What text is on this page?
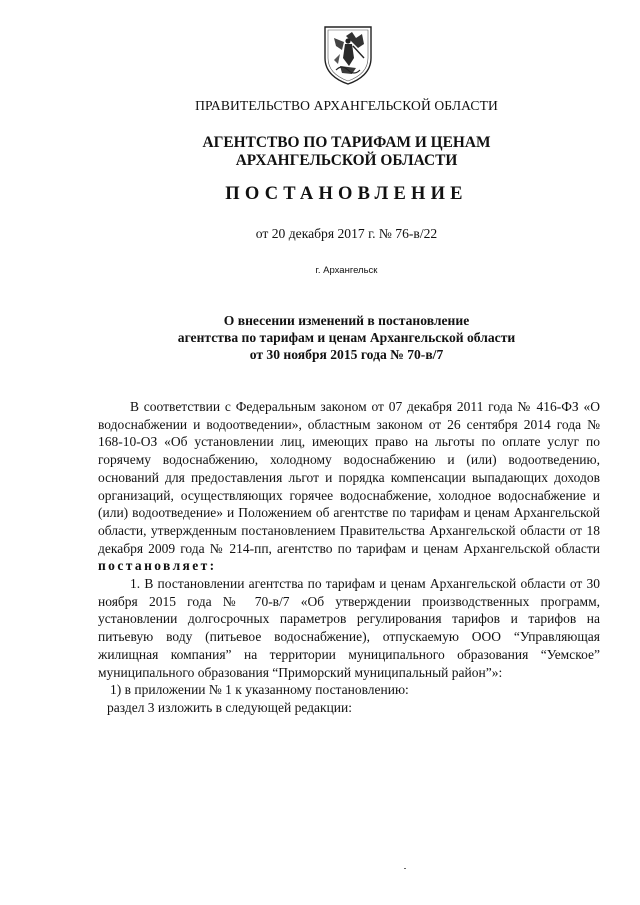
ПРАВИТЕЛЬСТВО АРХАНГЕЛЬСКОЙ ОБЛАСТИ
АГЕНТСТВО ПО ТАРИФАМ И ЦЕНАМ
АРХАНГЕЛЬСКОЙ ОБЛАСТИ
ПОСТАНОВЛЕНИЕ
от 20 декабря 2017 г. № 76-в/22
г. Архангельск
О внесении изменений в постановление
агентства по тарифам и ценам Архангельской области
от 30 ноября 2015 года № 70-в/7

В соответствии с Федеральным законом от 07 декабря 2011 года № 416-ФЗ «О водоснабжении и водоотведении», областным законом от 26 сентября 2014 года № 168-10-ОЗ «Об установлении лиц, имеющих право на льготы по оплате услуг по горячему водоснабжению, холодному водоснабжению и (или) водоотведению, оснований для предоставления льгот и порядка компенсации выпадающих доходов организаций, осуществляющих горячее водоснабжение, холодное водоснабжение и (или) водоотведение» и Положением об агентстве по тарифам и ценам Архангельской области, утвержденным постановлением Правительства Архангельской области от 18 декабря 2009 года № 214-пп, агентство по тарифам и ценам Архангельской области постановляет:

1. В постановлении агентства по тарифам и ценам Архангельской области от 30 ноября 2015 года № 70-в/7 «Об утверждении производственных программ, установлении долгосрочных параметров регулирования тарифов и тарифов на питьевую воду (питьевое водоснабжение), отпускаемую ООО “Управляющая жилищная компания” на территории муниципального образования “Уемское” муниципального образования “Приморский муниципальный район”»:

1) в приложении № 1 к указанному постановлению:

раздел 3 изложить в следующей редакции:
